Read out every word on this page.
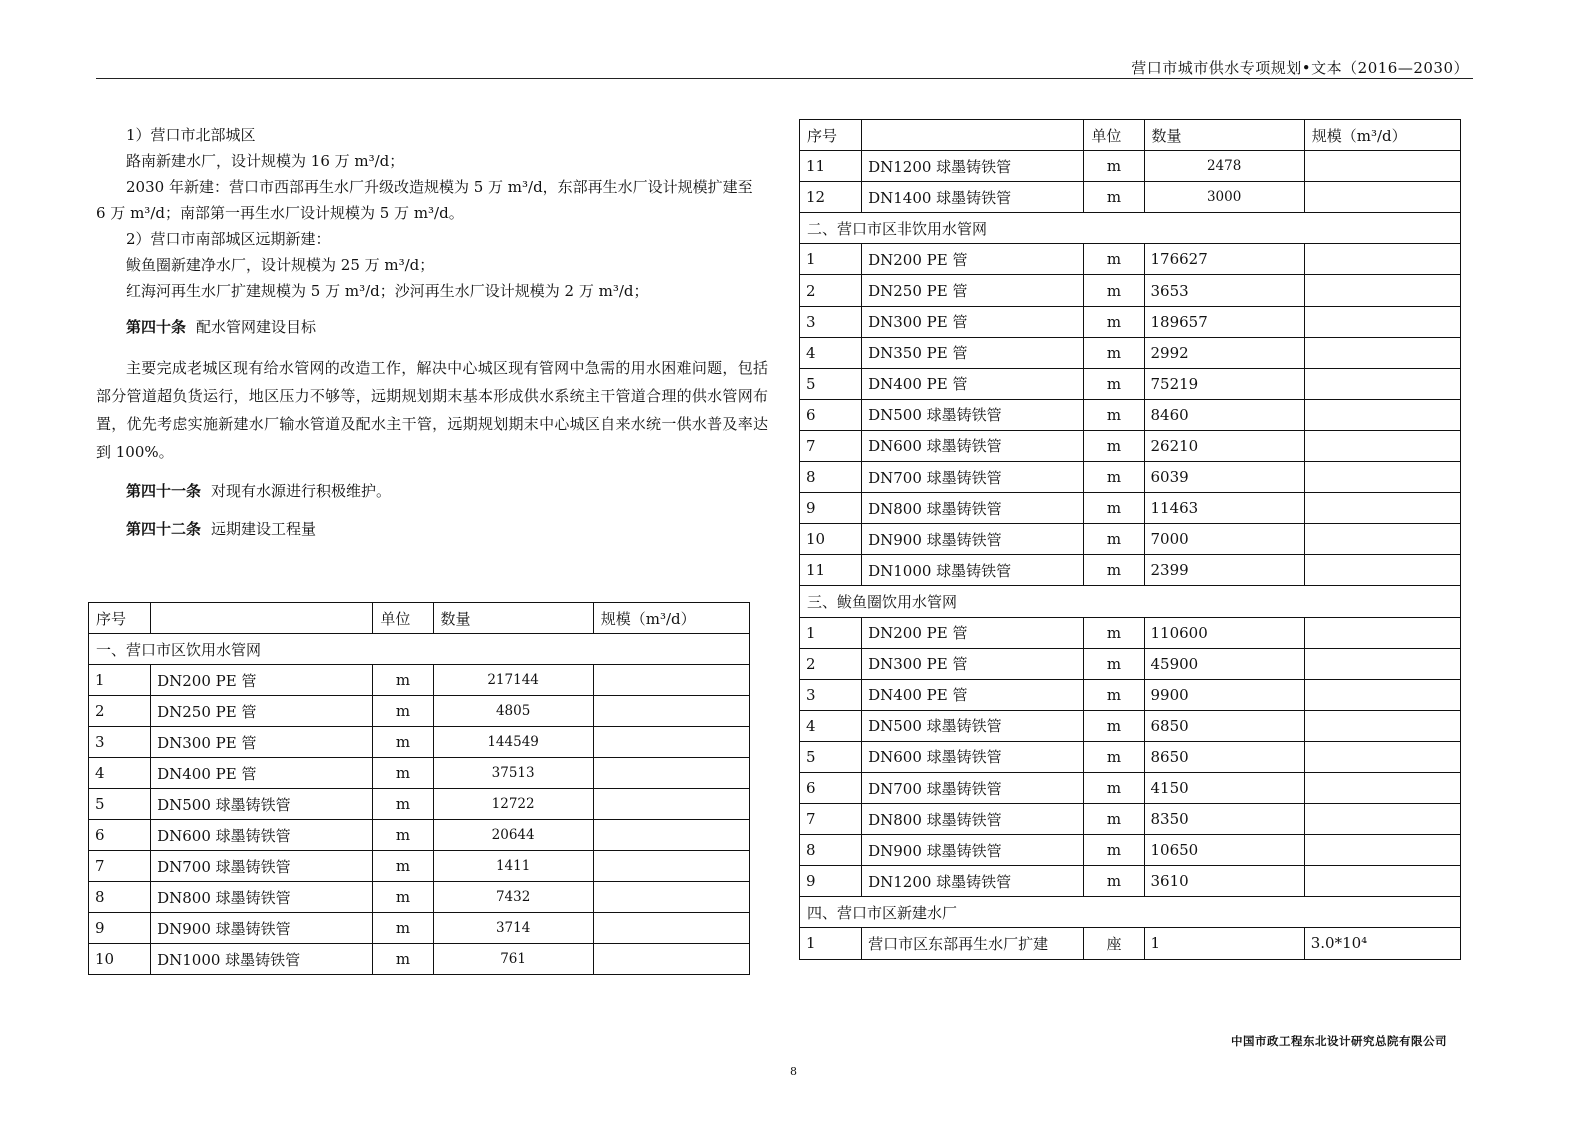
营口市城市供水专项规划•文本（2016—2030）

1）营口市北部城区

路南新建水厂，设计规模为 16 万 m³/d；

2030 年新建：营口市西部再生水厂升级改造规模为 5 万 m³/d，东部再生水厂设计规模扩建至

6 万 m³/d；南部第一再生水厂设计规模为 5 万 m³/d。

2）营口市南部城区远期新建：

鲅鱼圈新建净水厂，设计规模为 25 万 m³/d；

红海河再生水厂扩建规模为 5 万 m³/d；沙河再生水厂设计规模为 2 万 m³/d；

第四十条 配水管网建设目标

主要完成老城区现有给水管网的改造工作，解决中心城区现有管网中急需的用水困难问题，包括部分管道超负货运行，地区压力不够等，远期规划期末基本形成供水系统主干管道合理的供水管网布置，优先考虑实施新建水厂输水管道及配水主干管，远期规划期末中心城区自来水统一供水普及率达到 100%。

第四十一条 对现有水源进行积极维护。

第四十二条 远期建设工程量

序号		单位	数量	规模（m³/d）
一、营口市区饮用水管网				
1	DN200 PE 管	m	217144	
2	DN250 PE 管	m	4805	
3	DN300 PE 管	m	144549	
4	DN400 PE 管	m	37513	
5	DN500 球墨铸铁管	m	12722	
6	DN600 球墨铸铁管	m	20644	
7	DN700 球墨铸铁管	m	1411	
8	DN800 球墨铸铁管	m	7432	
9	DN900 球墨铸铁管	m	3714	
10	DN1000 球墨铸铁管	m	761	
序号		单位	数量	规模（m³/d）
11	DN1200 球墨铸铁管	m	2478	
12	DN1400 球墨铸铁管	m	3000	
二、营口市区非饮用水管网				
1	DN200 PE 管	m	176627	
2	DN250 PE 管	m	3653	
3	DN300 PE 管	m	189657	
4	DN350 PE 管	m	2992	
5	DN400 PE 管	m	75219	
6	DN500 球墨铸铁管	m	8460	
7	DN600 球墨铸铁管	m	26210	
8	DN700 球墨铸铁管	m	6039	
9	DN800 球墨铸铁管	m	11463	
10	DN900 球墨铸铁管	m	7000	
11	DN1000 球墨铸铁管	m	2399	
三、鲅鱼圈饮用水管网				
1	DN200 PE 管	m	110600	
2	DN300 PE 管	m	45900	
3	DN400 PE 管	m	9900	
4	DN500 球墨铸铁管	m	6850	
5	DN600 球墨铸铁管	m	8650	
6	DN700 球墨铸铁管	m	4150	
7	DN800 球墨铸铁管	m	8350	
8	DN900 球墨铸铁管	m	10650	
9	DN1200 球墨铸铁管	m	3610	
四、营口市区新建水厂				
1	营口市区东部再生水厂扩建	座	1	3.0*10⁴
中国市政工程东北设计研究总院有限公司
8
